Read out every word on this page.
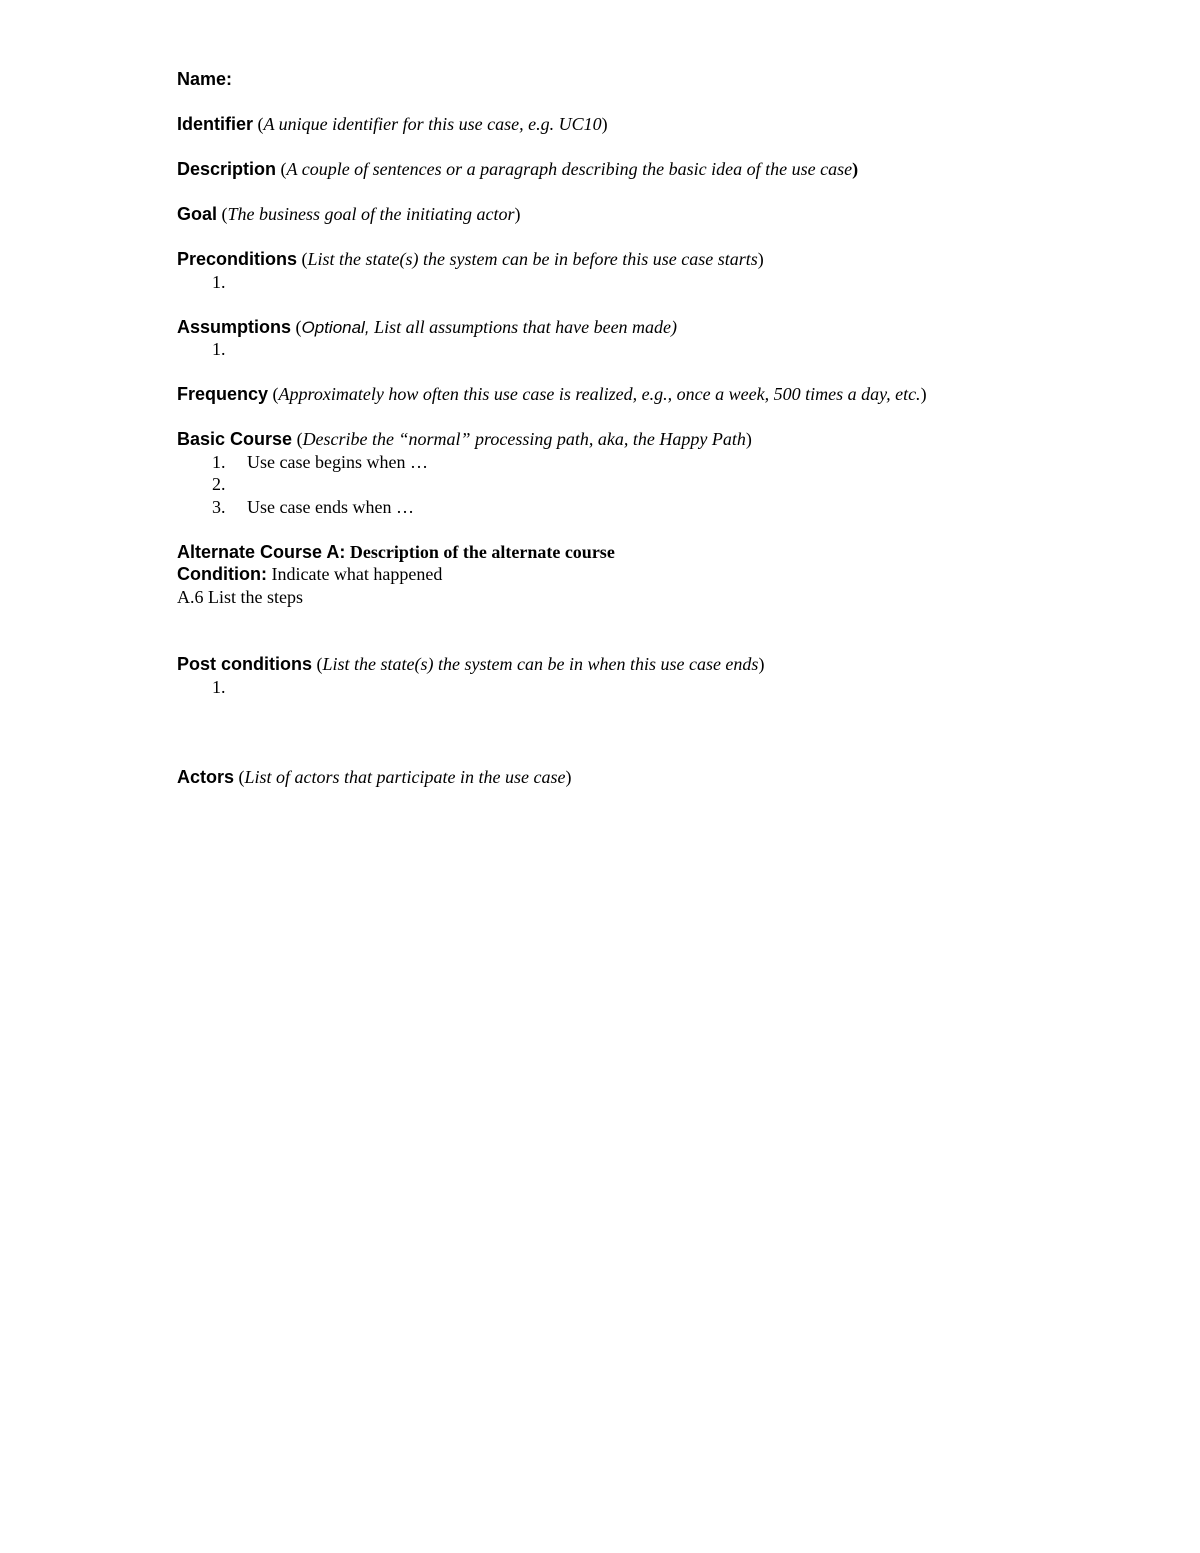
Name:
Identifier (A unique identifier for this use case, e.g. UC10)
Description (A couple of sentences or a paragraph describing the basic idea of the use case)
Goal (The business goal of the initiating actor)
Preconditions (List the state(s) the system can be in before this use case starts)
1.
Assumptions (Optional, List all assumptions that have been made)
1.
Frequency (Approximately how often this use case is realized, e.g., once a week, 500 times a day, etc.)
Basic Course (Describe the “normal” processing path, aka, the Happy Path)
1. Use case begins when …
2.
3. Use case ends when …
Alternate Course A: Description of the alternate course
Condition: Indicate what happened
A.6 List the steps
Post conditions (List the state(s) the system can be in when this use case ends)
1.
Actors (List of actors that participate in the use case)
